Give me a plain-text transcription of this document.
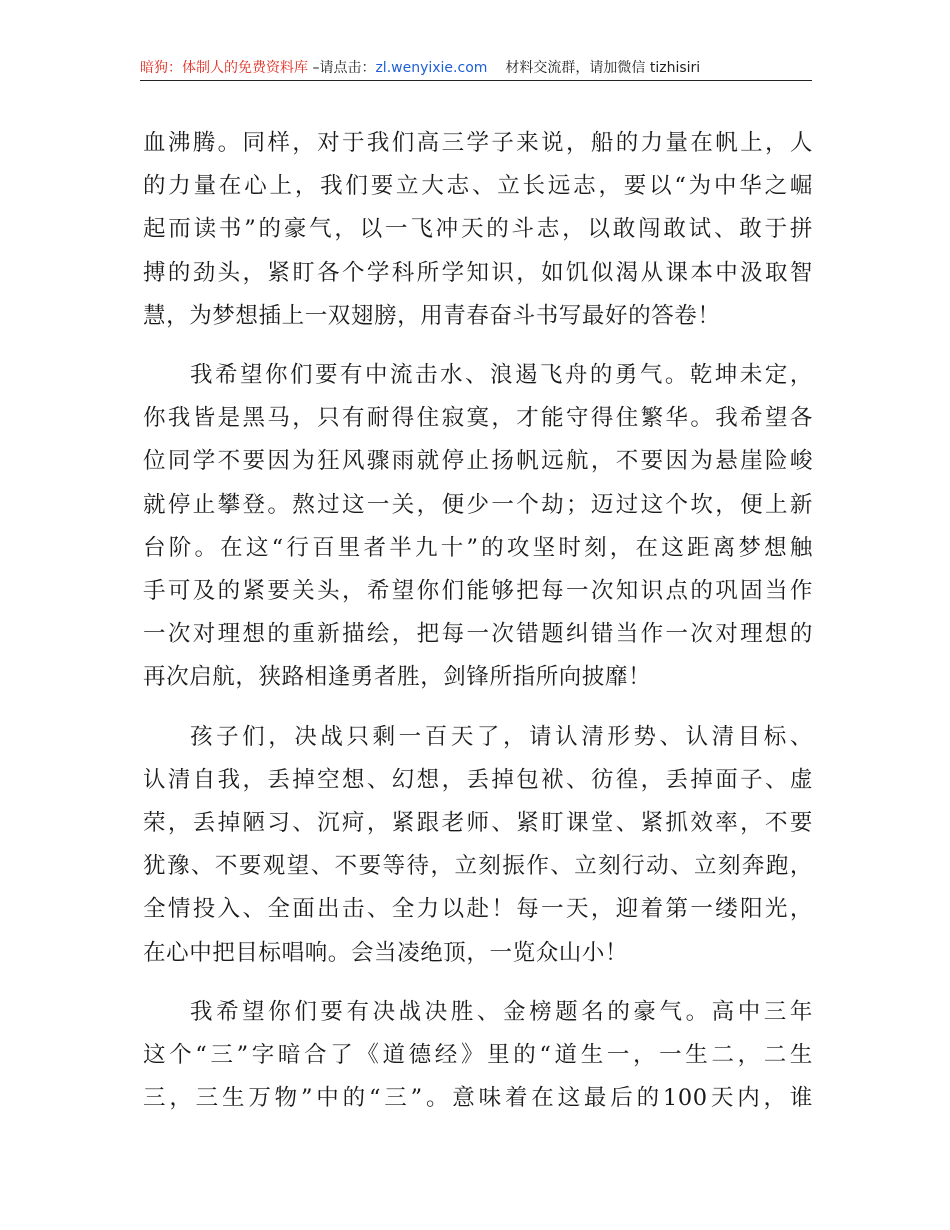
暗狗：体制人的免费资料库 –请点击：zl.wenyixie.com 材料交流群，请加微信 tizhisiri
血沸腾。同样，对于我们高三学子来说，船的力量在帆上，人
的力量在心上，我们要立大志、立长远志，要以“为中华之崛
起而读书”的豪气，以一飞冲天的斗志，以敢闯敢试、敢于拼
搏的劲头，紧盯各个学科所学知识，如饥似渴从课本中汲取智
慧，为梦想插上一双翅膀，用青春奋斗书写最好的答卷！
我希望你们要有中流击水、浪遏飞舟的勇气。乾坤未定，
你我皆是黑马，只有耐得住寂寞，才能守得住繁华。我希望各
位同学不要因为狂风骤雨就停止扬帆远航，不要因为悬崖险峻
就停止攀登。熬过这一关，便少一个劫；迈过这个坎，便上新
台阶。在这“行百里者半九十”的攻坚时刻，在这距离梦想触
手可及的紧要关头，希望你们能够把每一次知识点的巩固当作
一次对理想的重新描绘，把每一次错题纠错当作一次对理想的
再次启航，狭路相逢勇者胜，剑锋所指所向披靡！
孩子们，决战只剩一百天了，请认清形势、认清目标、
认清自我，丢掉空想、幻想，丢掉包袱、彷徨，丢掉面子、虚
荣，丢掉陋习、沉疴，紧跟老师、紧盯课堂、紧抓效率，不要
犹豫、不要观望、不要等待，立刻振作、立刻行动、立刻奔跑，
全情投入、全面出击、全力以赴！每一天，迎着第一缕阳光，
在心中把目标唱响。会当凌绝顶，一览众山小！
我希望你们要有决战决胜、金榜题名的豪气。高中三年
这个“三”字暗合了《道德经》里的“道生一，一生二，二生
三，三生万物”中的“三”。意味着在这最后的100天内，谁
